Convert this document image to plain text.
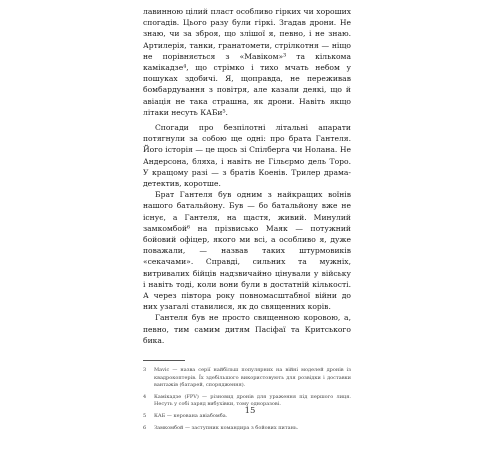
лавинною цілий пласт особливо гірких чи хороших спогадів. Цього разу були гіркі. Згадав дрони. Не знаю, чи за зброя, що злішої я, певно, і не знаю. Артилерія, танки, гранатомети, стрілкотня — ніщо не порівняється з «Мавіком»³ та кількома камікадзе⁴, що стрімко і тихо мчать небом у пошуках здобичі. Я, щоправда, не переживав бомбардування з повітря, але казали деякі, що й авіація не така страшна, як дрони. Навіть якщо літаки несуть КАБи⁵.

Спогади про безпілотні літальні апарати потягнули за собою ще одні: про брата Гантеля. Його історія — це щось зі Спілберга чи Нолана. Не Андерсона, бляха, і навіть не Гільєрмо дель Торо. У кращому разі — з братів Коенів. Трилер драма-детектив, коротше.

Брат Гантеля був одним з найкращих воїнів нашого батальйону. Був — бо батальйону вже не існує, а Гантеля, на щастя, живий. Минулий замкомбой⁶ на прізвисько Маяк — потужний бойовий офіцер, якого ми всі, а особливо я, дуже поважали, — назвав таких штурмовиків «секачами». Справді, сильних та мужніх, витривалих бійців надзвичайно цінували у війську і навіть тоді, коли вони були в достатній кількості. А через півтора року повномасштабної війни до них узагалі ставилися, як до священних корів.

Гантеля був не просто священною коровою, а, певно, тим самим дитям Пасіфаї та Критського бика.

3	Mavic — назва серії найбільш популярних на війні моделей дронів із квадрокоптерів. Їх здебільшого використовують для розвідки і доставки вантажів (батарей, спорядження).
4	Камікадзе (FPV) — різновид дронів для ураження під першого лиця. Несуть у собі заряд вибухівки, тому одноразові.
5	КАБ — керована авіабомба.
6	Замкомбой — заступник командира з бойових питань.
15
